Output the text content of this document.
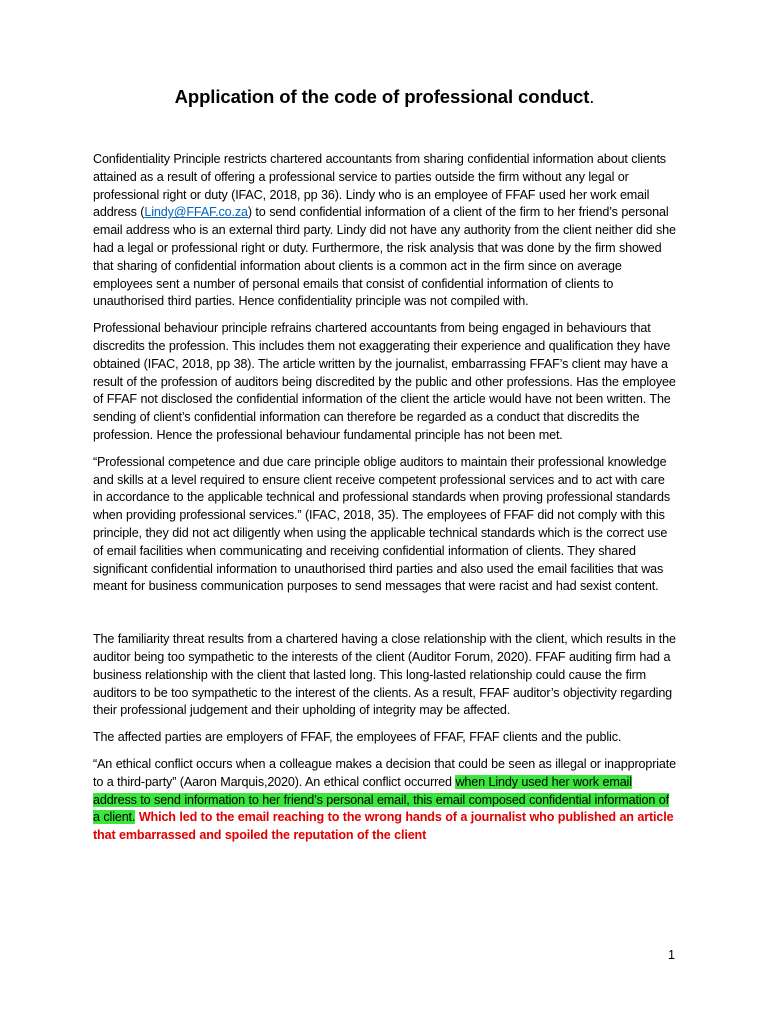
Application of the code of professional conduct.

Confidentiality Principle restricts chartered accountants from sharing confidential information about clients attained as a result of offering a professional service to parties outside the firm without any legal or professional right or duty (IFAC, 2018, pp 36). Lindy who is an employee of FFAF used her work email address (Lindy@FFAF.co.za) to send confidential information of a client of the firm to her friend’s personal email address who is an external third party. Lindy did not have any authority from the client neither did she had a legal or professional right or duty. Furthermore, the risk analysis that was done by the firm showed that sharing of confidential information about clients is a common act in the firm since on average employees sent a number of personal emails that consist of confidential information of clients to unauthorised third parties. Hence confidentiality principle was not compiled with.

Professional behaviour principle refrains chartered accountants from being engaged in behaviours that discredits the profession. This includes them not exaggerating their experience and qualification they have obtained (IFAC, 2018, pp 38). The article written by the journalist, embarrassing FFAF’s client may have a result of the profession of auditors being discredited by the public and other professions. Has the employee of FFAF not disclosed the confidential information of the client the article would have not been written. The sending of client’s confidential information can therefore be regarded as a conduct that discredits the profession. Hence the professional behaviour fundamental principle has not been met.

“Professional competence and due care principle oblige auditors to maintain their professional knowledge and skills at a level required to ensure client receive competent professional services and to act with care in accordance to the applicable technical and professional standards when proving professional standards when providing professional services.” (IFAC, 2018, 35). The employees of FFAF did not comply with this principle, they did not act diligently when using the applicable technical standards which is the correct use of email facilities when communicating and receiving confidential information of clients. They shared significant confidential information to unauthorised third parties and also used the email facilities that was meant for business communication purposes to send messages that were racist and had sexist content.

The familiarity threat results from a chartered having a close relationship with the client, which results in the auditor being too sympathetic to the interests of the client (Auditor Forum, 2020). FFAF auditing firm had a business relationship with the client that lasted long. This long-lasted relationship could cause the firm auditors to be too sympathetic to the interest of the clients. As a result, FFAF auditor’s objectivity regarding their professional judgement and their upholding of integrity may be affected.

The affected parties are employers of FFAF, the employees of FFAF, FFAF clients and the public.

“An ethical conflict occurs when a colleague makes a decision that could be seen as illegal or inappropriate to a third-party” (Aaron Marquis,2020). An ethical conflict occurred when Lindy used her work email address to send information to her friend’s personal email, this email composed confidential information of a client. Which led to the email reaching to the wrong hands of a journalist who published an article that embarrassed and spoiled the reputation of the client

1
